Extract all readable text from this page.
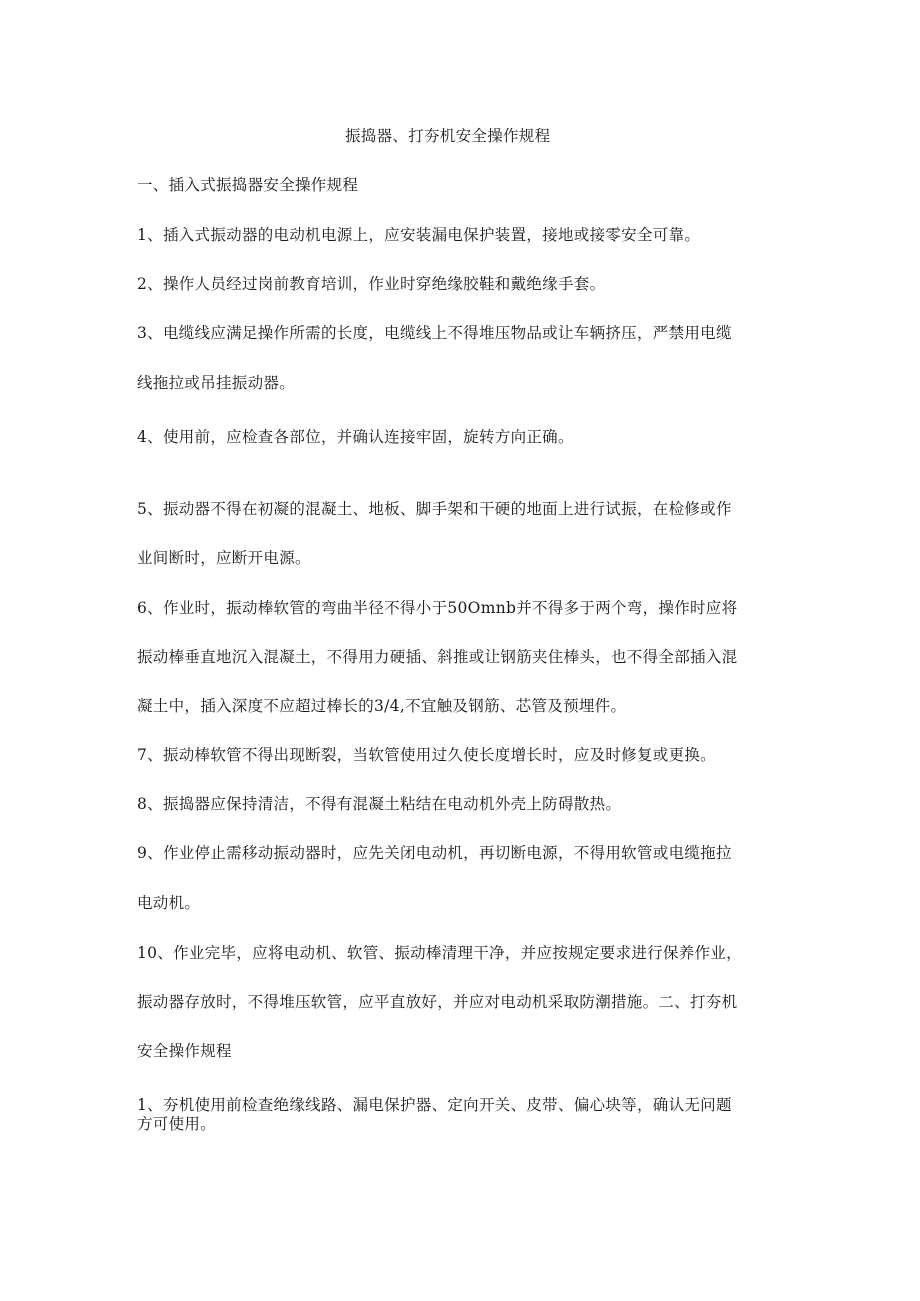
振捣器、打夯机安全操作规程
一、插入式振捣器安全操作规程
1、插入式振动器的电动机电源上，应安装漏电保护装置，接地或接零安全可靠。
2、操作人员经过岗前教育培训，作业时穿绝缘胶鞋和戴绝缘手套。
3、电缆线应满足操作所需的长度，电缆线上不得堆压物品或让车辆挤压，严禁用电缆
线拖拉或吊挂振动器。
4、使用前，应检查各部位，并确认连接牢固，旋转方向正确。
5、振动器不得在初凝的混凝土、地板、脚手架和干硬的地面上进行试振，在检修或作
业间断时，应断开电源。
6、作业时，振动棒软管的弯曲半径不得小于50Omnb并不得多于两个弯，操作时应将
振动棒垂直地沉入混凝土，不得用力硬插、斜推或让钢筋夹住棒头，也不得全部插入混
凝土中，插入深度不应超过棒长的3/4,不宜触及钢筋、芯管及预埋件。
7、振动棒软管不得出现断裂，当软管使用过久使长度增长时，应及时修复或更换。
8、振捣器应保持清洁，不得有混凝土粘结在电动机外壳上防碍散热。
9、作业停止需移动振动器时，应先关闭电动机，再切断电源，不得用软管或电缆拖拉
电动机。
10、作业完毕，应将电动机、软管、振动棒清理干净，并应按规定要求进行保养作业，
振动器存放时，不得堆压软管，应平直放好，并应对电动机采取防潮措施。二、打夯机
安全操作规程
1、夯机使用前检查绝缘线路、漏电保护器、定向开关、皮带、偏心块等，确认无问题
方可使用。
